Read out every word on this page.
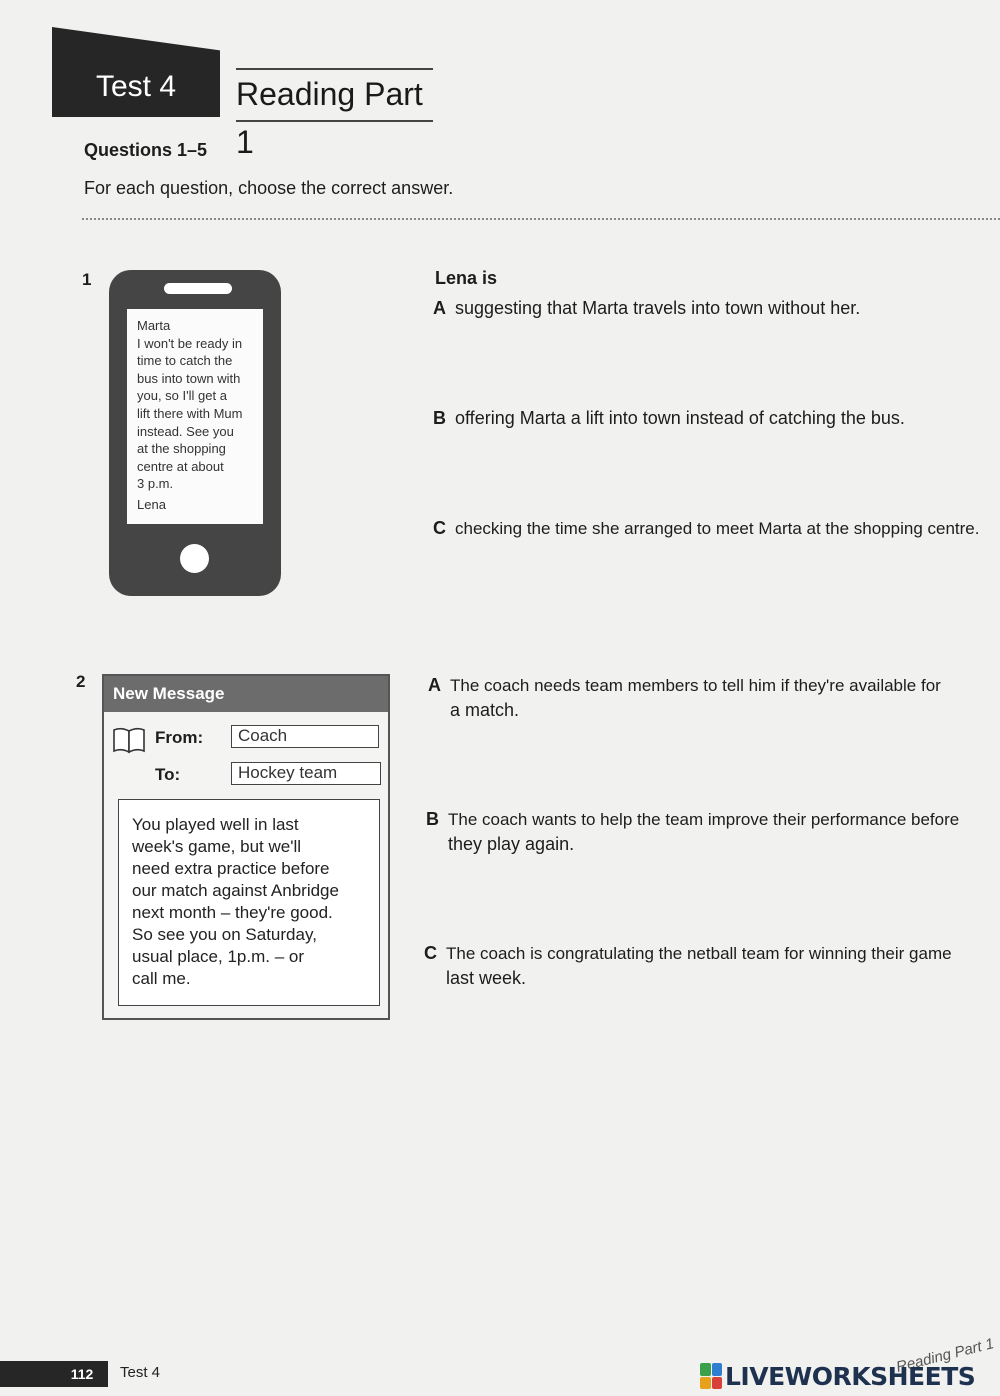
Test 4	Reading Part 1
Questions 1–5
For each question, choose the correct answer.
1
Marta
I won't be ready in
time to catch the
bus into town with
you, so I'll get a
lift there with Mum
instead. See you
at the shopping
centre at about
3 p.m.
Lena
Lena is
A suggesting that Marta travels into town without her.
B offering Marta a lift into town instead of catching the bus.
C checking the time she arranged to meet Marta at the shopping centre.
2
New Message
From:	Coach
To:	Hockey team
You played well in last
week's game, but we'll
need extra practice before
our match against Anbridge
next month – they're good.
So see you on Saturday,
usual place, 1p.m. – or
call me.
A The coach needs team members to tell him if they're available for
a match.
B The coach wants to help the team improve their performance before
they play again.
C The coach is congratulating the netball team for winning their game
last week.
112	Test 4	Reading Part 1
LIVEWORKSHEETS
